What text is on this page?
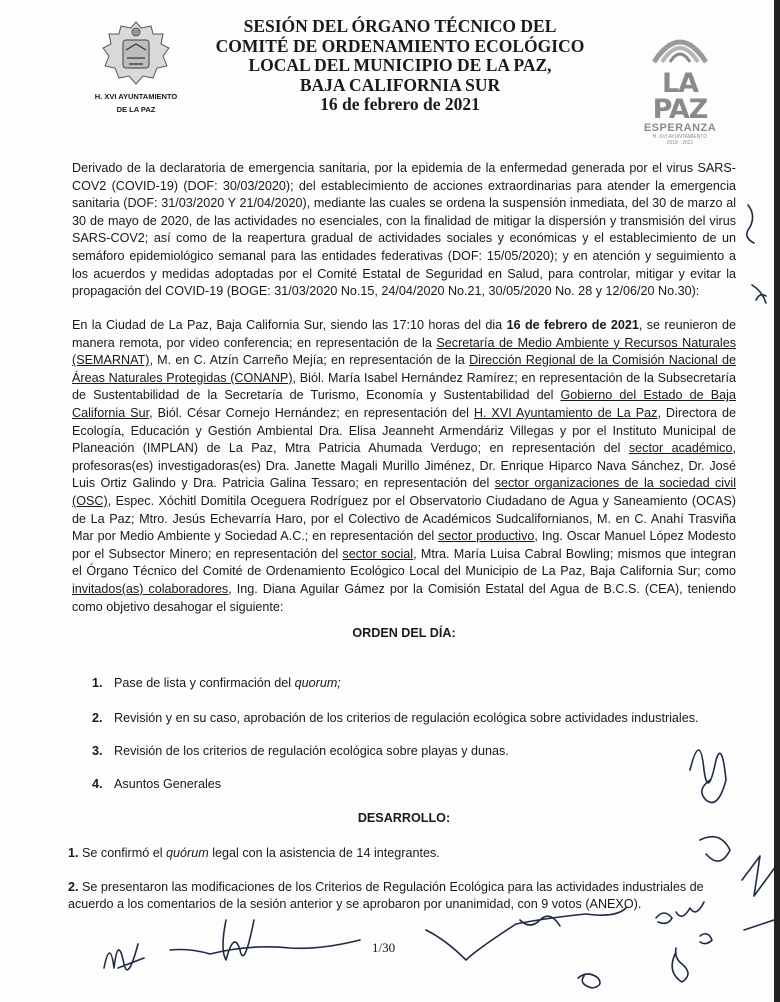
H. XVI AYUNTAMIENTO
DE LA PAZ
SESIÓN DEL ÓRGANO TÉCNICO DEL
COMITÉ DE ORDENAMIENTO ECOLÓGICO
LOCAL DEL MUNICIPIO DE LA PAZ,
BAJA CALIFORNIA SUR
16 de febrero de 2021
LA PAZ
ESPERANZA
H. XVI AYUNTAMIENTO
2018 · 2021
Derivado de la declaratoria de emergencia sanitaria, por la epidemia de la enfermedad generada por el virus SARS-COV2 (COVID-19) (DOF: 30/03/2020); del establecimiento de acciones extraordinarias para atender la emergencia sanitaria (DOF: 31/03/2020 Y 21/04/2020), mediante las cuales se ordena la suspensión inmediata, del 30 de marzo al 30 de mayo de 2020, de las actividades no esenciales, con la finalidad de mitigar la dispersión y transmisión del virus SARS-COV2; así como de la reapertura gradual de actividades sociales y económicas y el establecimiento de un semáforo epidemiológico semanal para las entidades federativas (DOF: 15/05/2020); y en atención y seguimiento a los acuerdos y medidas adoptadas por el Comité Estatal de Seguridad en Salud, para controlar, mitigar y evitar la propagación del COVID-19 (BOGE: 31/03/2020 No.15, 24/04/2020 No.21, 30/05/2020 No. 28 y 12/06/20 No.30):
En la Ciudad de La Paz, Baja California Sur, siendo las 17:10 horas del dia 16 de febrero de 2021, se reunieron de manera remota, por video conferencia; en representación de la Secretaría de Medio Ambiente y Recursos Naturales (SEMARNAT), M. en C. Atzín Carreño Mejía; en representación de la Dirección Regional de la Comisión Nacional de Áreas Naturales Protegidas (CONANP), Biól. María Isabel Hernández Ramírez; en representación de la Subsecretaría de Sustentabilidad de la Secretaría de Turismo, Economía y Sustentabilidad del Gobierno del Estado de Baja California Sur, Biól. César Cornejo Hernández; en representación del H. XVI Ayuntamiento de La Paz, Directora de Ecología, Educación y Gestión Ambiental Dra. Elisa Jeanneht Armendáriz Villegas y por el Instituto Municipal de Planeación (IMPLAN) de La Paz, Mtra Patricia Ahumada Verdugo; en representación del sector académico, profesoras(es) investigadoras(es) Dra. Janette Magali Murillo Jiménez, Dr. Enrique Hiparco Nava Sánchez, Dr. José Luis Ortiz Galindo y Dra. Patricia Galina Tessaro; en representación del sector organizaciones de la sociedad civil (OSC), Espec. Xóchitl Domitila Oceguera Rodríguez por el Observatorio Ciudadano de Agua y Saneamiento (OCAS) de La Paz; Mtro. Jesús Echevarría Haro, por el Colectivo de Académicos Sudcalifornianos, M. en C. Anahí Trasviña Mar por Medio Ambiente y Sociedad A.C.; en representación del sector productivo, Ing. Oscar Manuel López Modesto por el Subsector Minero; en representación del sector social, Mtra. María Luisa Cabral Bowling; mismos que integran el Órgano Técnico del Comité de Ordenamiento Ecológico Local del Municipio de La Paz, Baja California Sur; como invitados(as) colaboradores, Ing. Diana Aguilar Gámez por la Comisión Estatal del Agua de B.C.S. (CEA), teniendo como objetivo desahogar el siguiente:
ORDEN DEL DÍA:
1. Pase de lista y confirmación del quorum;
2. Revisión y en su caso, aprobación de los criterios de regulación ecológica sobre actividades industriales.
3. Revisión de los criterios de regulación ecológica sobre playas y dunas.
4. Asuntos Generales
DESARROLLO:
1. Se confirmó el quórum legal con la asistencia de 14 integrantes.
2. Se presentaron las modificaciones de los Criterios de Regulación Ecológica para las actividades industriales de acuerdo a los comentarios de la sesión anterior y se aprobaron por unanimidad, con 9 votos (ANEXO).
1/30
